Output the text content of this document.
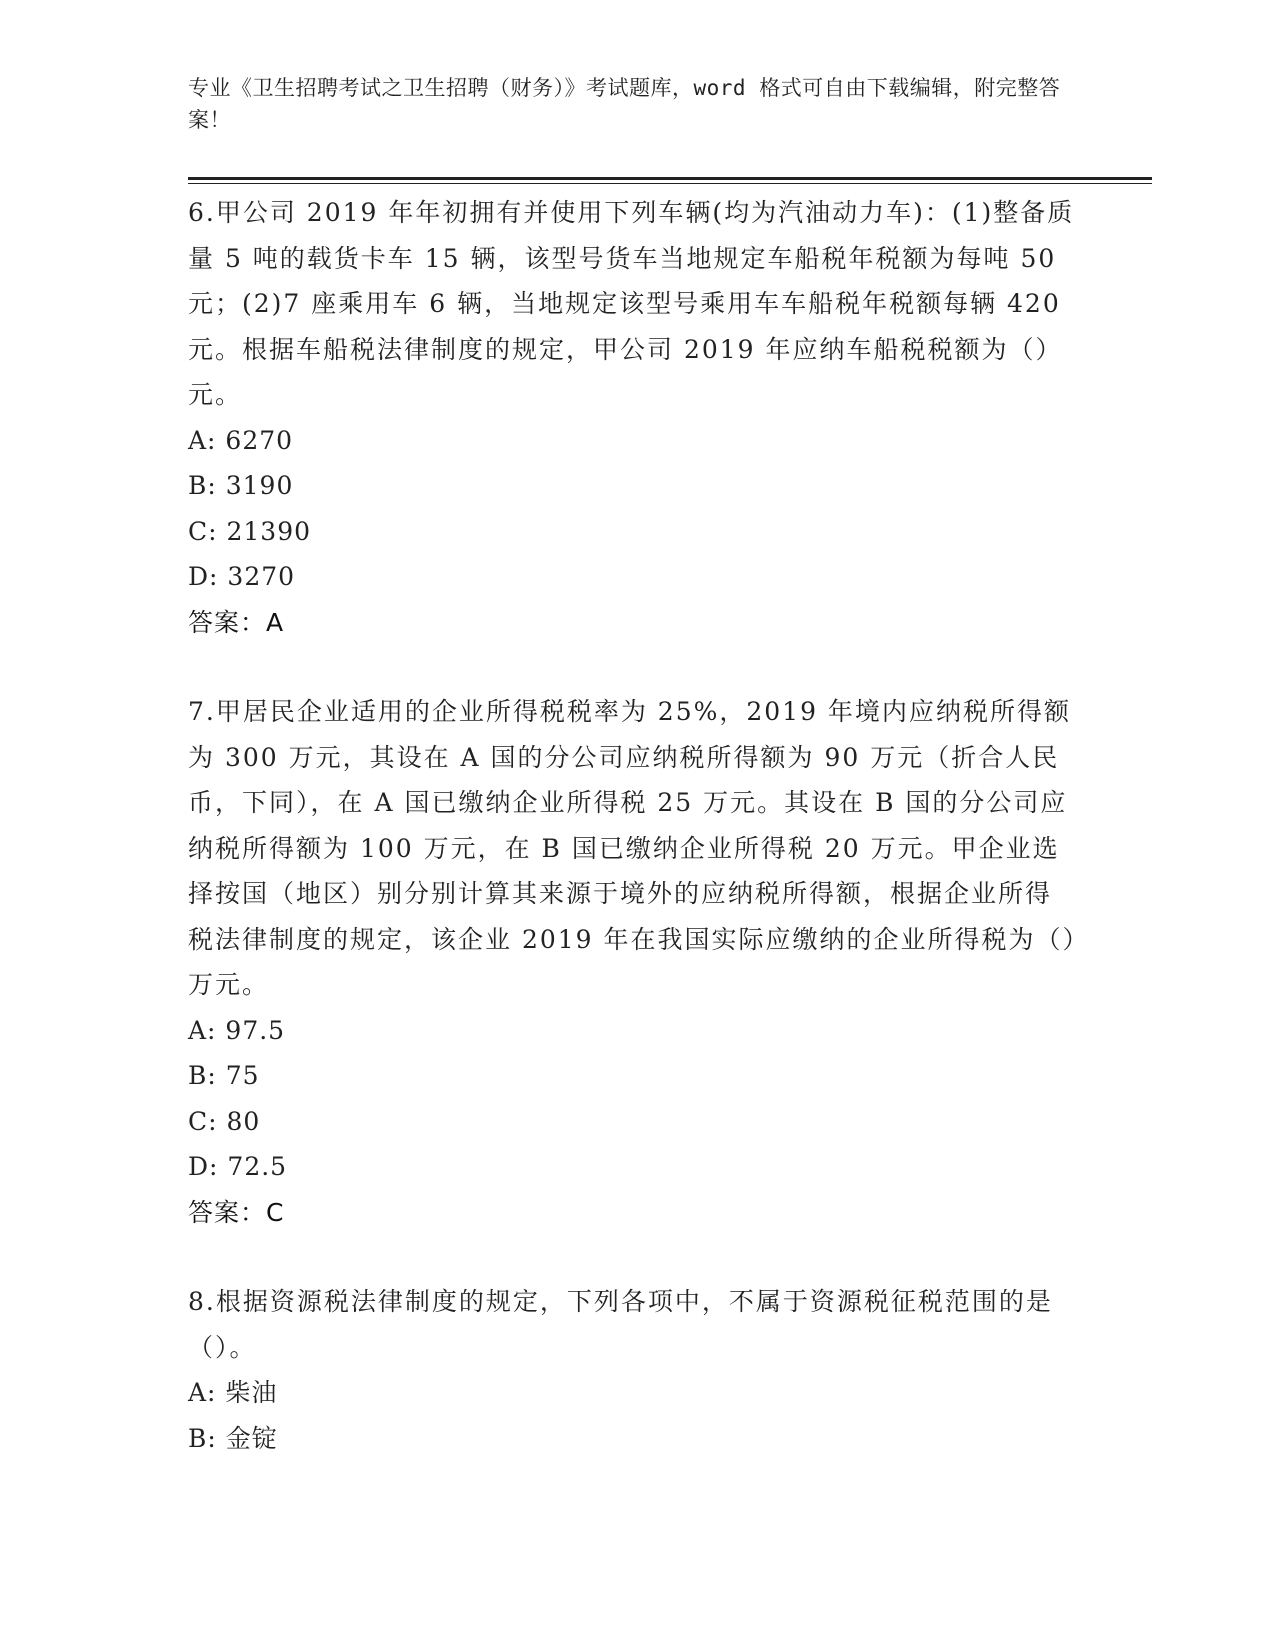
专业《卫生招聘考试之卫生招聘（财务）》考试题库，word 格式可自由下载编辑，附完整答案！
6.甲公司 2019 年年初拥有并使用下列车辆(均为汽油动力车)：(1)整备质量 5 吨的载货卡车 15 辆，该型号货车当地规定车船税年税额为每吨 50 元；(2)7 座乘用车 6 辆，当地规定该型号乘用车车船税年税额每辆 420 元。根据车船税法律制度的规定，甲公司 2019 年应纳车船税税额为（）元。
A: 6270
B: 3190
C: 21390
D: 3270
答案：A
7.甲居民企业适用的企业所得税税率为 25%，2019 年境内应纳税所得额为 300 万元，其设在 A 国的分公司应纳税所得额为 90 万元（折合人民币，下同），在 A 国已缴纳企业所得税 25 万元。其设在 B 国的分公司应纳税所得额为 100 万元，在 B 国已缴纳企业所得税 20 万元。甲企业选择按国（地区）别分别计算其来源于境外的应纳税所得额，根据企业所得税法律制度的规定，该企业 2019 年在我国实际应缴纳的企业所得税为（）万元。
A: 97.5
B: 75
C: 80
D: 72.5
答案：C
8.根据资源税法律制度的规定，下列各项中，不属于资源税征税范围的是（）。
A: 柴油
B: 金锭
